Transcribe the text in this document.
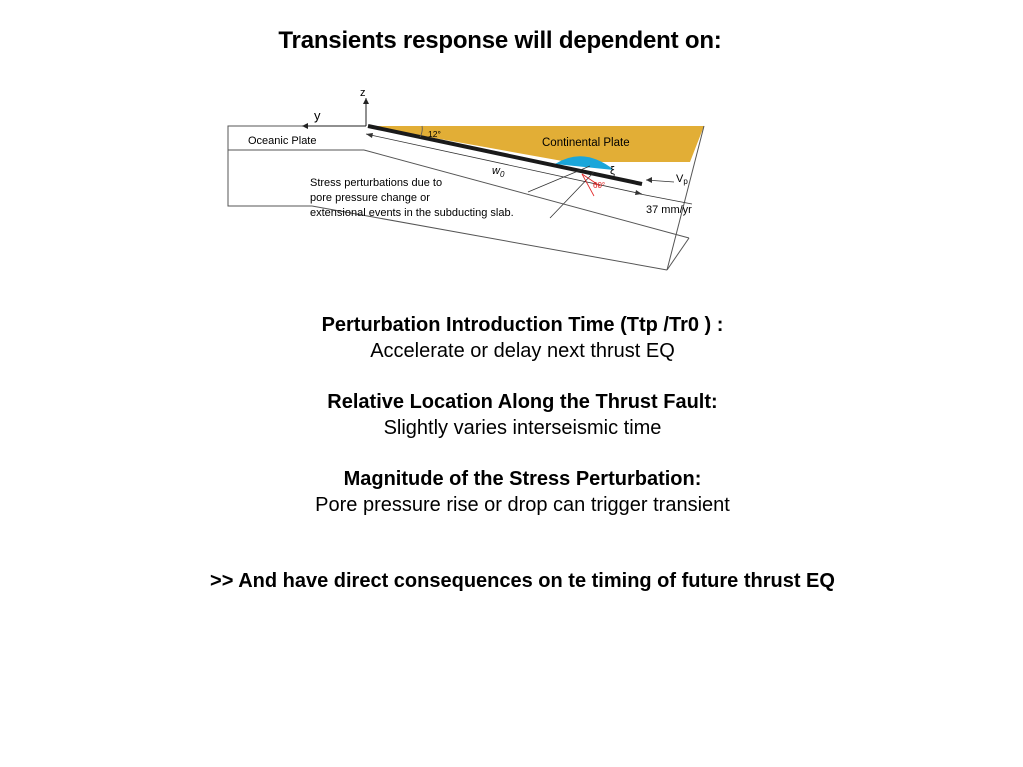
Transients response will dependent on:
y
z
12°
Oceanic Plate	Continental Plate
$w_0$	ξ
Vp
37 mm/yr
60°
Stress perturbations due to pore pressure change or extensional events in the subducting slab.
Perturbation Introduction Time (Ttp /Tr0 ) :
Accelerate or delay next thrust EQ
Relative Location Along the Thrust Fault:
Slightly varies interseismic time
Magnitude of the Stress Perturbation:
Pore pressure rise or drop can trigger transient
>> And have direct consequences on te timing of future thrust EQ
